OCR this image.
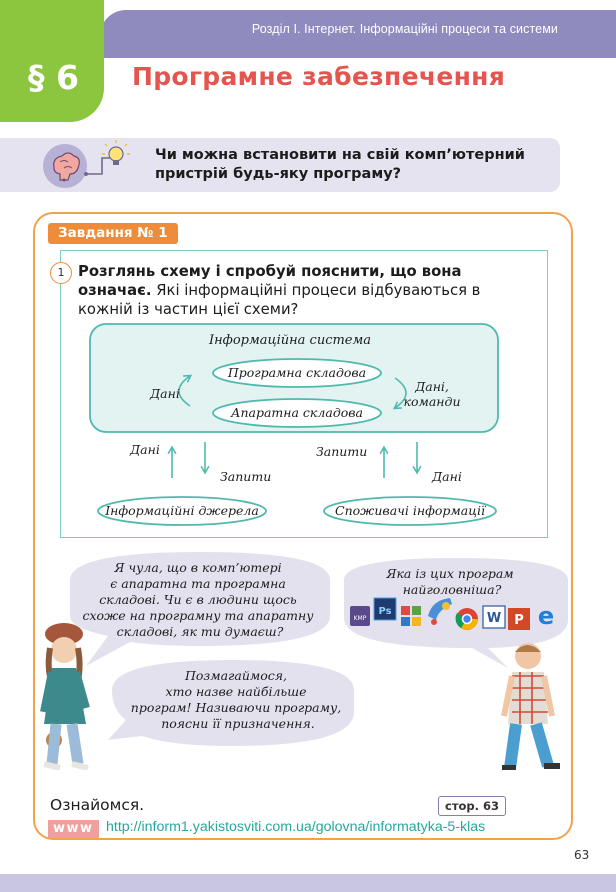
Розділ I. Інтернет. Інформаційні процеси та системи
§ 6 Програмне забезпечення
Чи можна встановити на свій комп’ютерний
пристрій будь-яку програму?
Завдання № 1
1 Розглянь схему і спробуй пояснити, що вона означає. Які інформаційні процеси відбуваються в кожній із частин цієї схеми?
Інформаційна система
Програмна складова
Апаратна складова
Дані	Дані,
команди
Дані
Запити
Запити
Дані
Інформаційні джерела	Споживачі інформації
Я чула, що в комп’ютері є апаратна та програмна складові. Чи є в людини щось схоже на програмну та апаратну складові, як ти думаєш?
Позмагаймося, хто назве найбільше програм! Називаючи програму, поясни її призначення.
Яка із цих програм найголовніша?
KMP
Ps	W P e
Ознайомся.	стор. 63
www http://inform1.yakistosviti.com.ua/golovna/informatyka-5-klas
63
